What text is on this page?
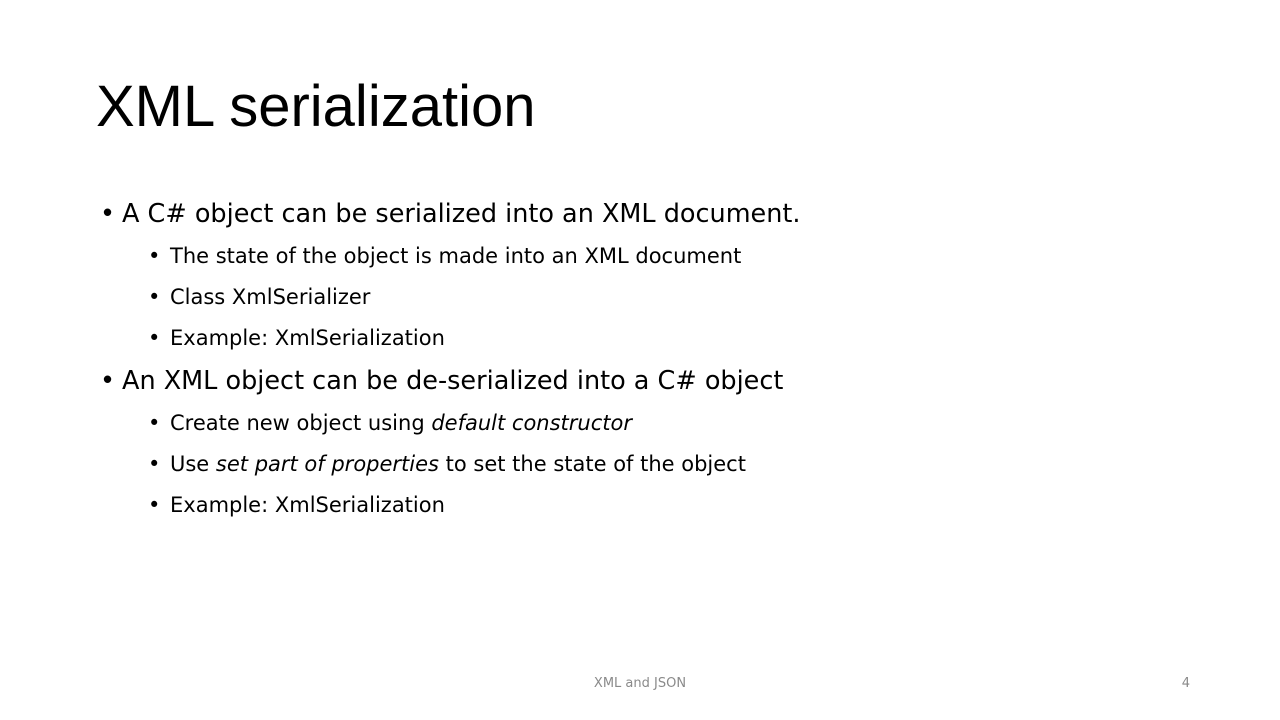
XML serialization
• A C# object can be serialized into an XML document.
• The state of the object is made into an XML document
• Class XmlSerializer
• Example: XmlSerialization
• An XML object can be de-serialized into a C# object
• Create new object using default constructor
• Use set part of properties to set the state of the object
• Example: XmlSerialization
XML and JSON	4
